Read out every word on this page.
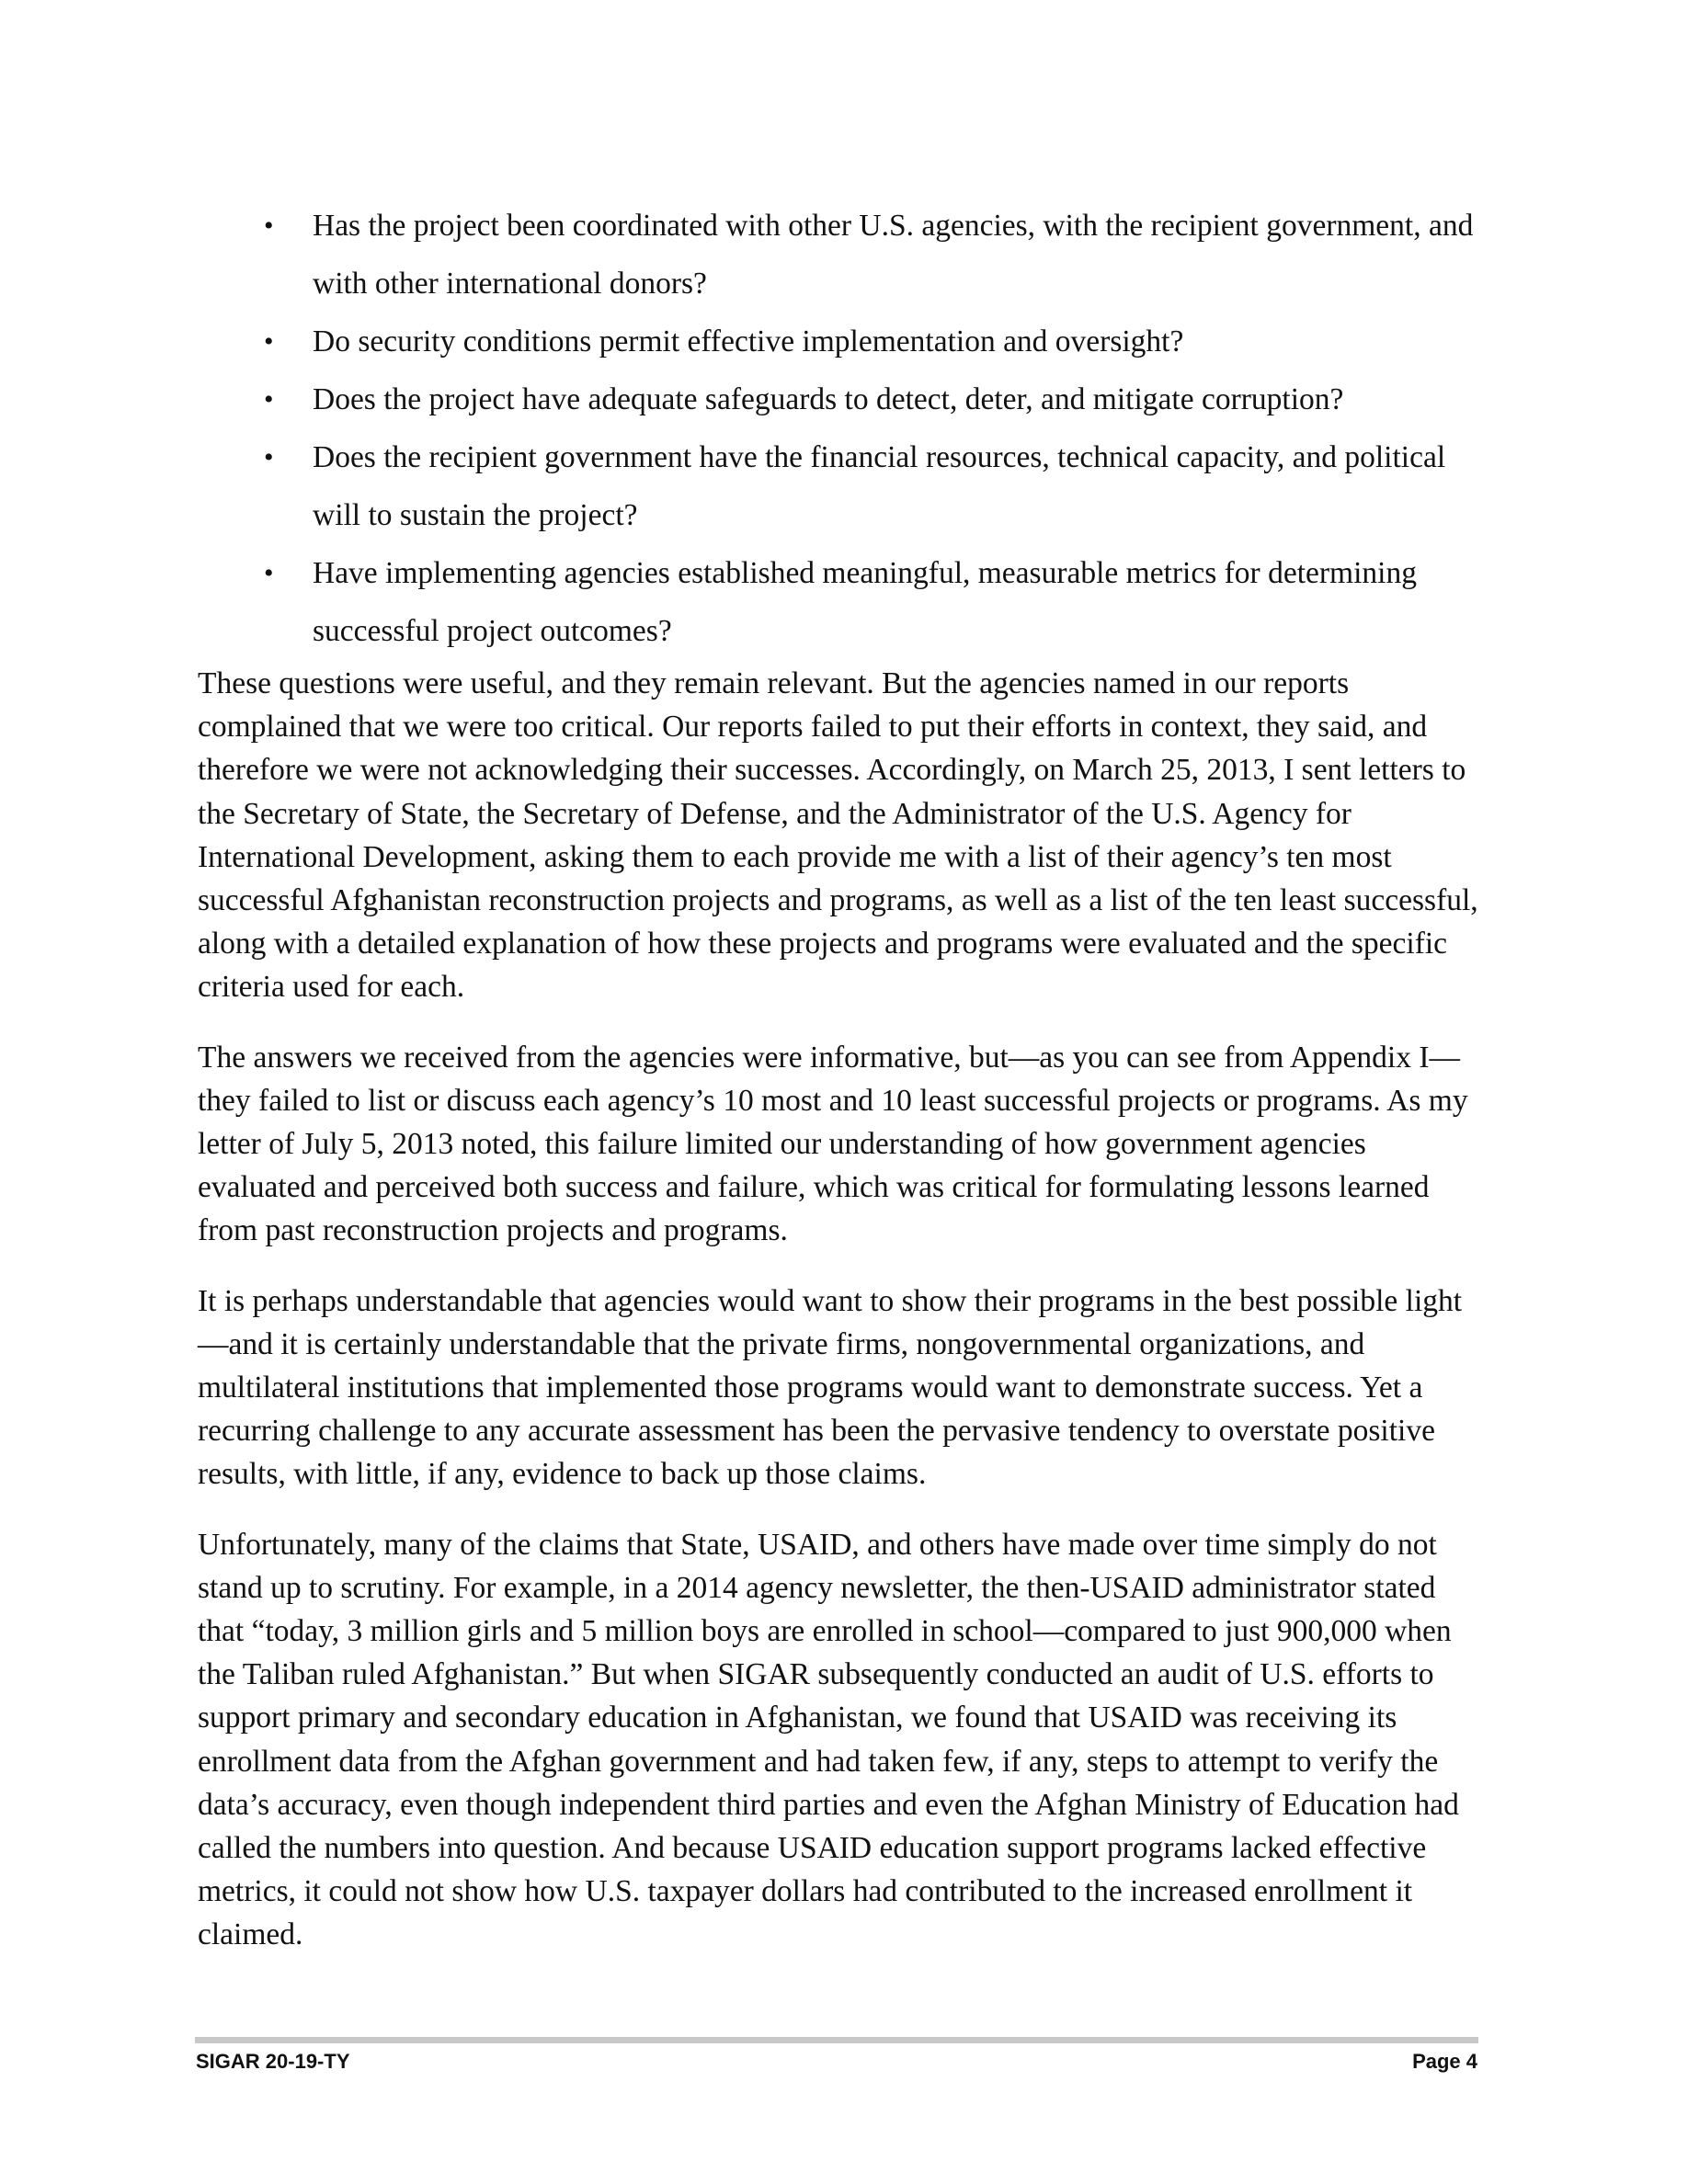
• Has the project been coordinated with other U.S. agencies, with the recipient government, and with other international donors?
• Do security conditions permit effective implementation and oversight?
• Does the project have adequate safeguards to detect, deter, and mitigate corruption?
• Does the recipient government have the financial resources, technical capacity, and political will to sustain the project?
• Have implementing agencies established meaningful, measurable metrics for determining successful project outcomes?

These questions were useful, and they remain relevant. But the agencies named in our reports complained that we were too critical. Our reports failed to put their efforts in context, they said, and therefore we were not acknowledging their successes. Accordingly, on March 25, 2013, I sent letters to the Secretary of State, the Secretary of Defense, and the Administrator of the U.S. Agency for International Development, asking them to each provide me with a list of their agency’s ten most successful Afghanistan reconstruction projects and programs, as well as a list of the ten least successful, along with a detailed explanation of how these projects and programs were evaluated and the specific criteria used for each.

The answers we received from the agencies were informative, but—as you can see from Appendix I—they failed to list or discuss each agency’s 10 most and 10 least successful projects or programs. As my letter of July 5, 2013 noted, this failure limited our understanding of how government agencies evaluated and perceived both success and failure, which was critical for formulating lessons learned from past reconstruction projects and programs.

It is perhaps understandable that agencies would want to show their programs in the best possible light—and it is certainly understandable that the private firms, nongovernmental organizations, and multilateral institutions that implemented those programs would want to demonstrate success. Yet a recurring challenge to any accurate assessment has been the pervasive tendency to overstate positive results, with little, if any, evidence to back up those claims.

Unfortunately, many of the claims that State, USAID, and others have made over time simply do not stand up to scrutiny. For example, in a 2014 agency newsletter, the then-USAID administrator stated that “today, 3 million girls and 5 million boys are enrolled in school—compared to just 900,000 when the Taliban ruled Afghanistan.” But when SIGAR subsequently conducted an audit of U.S. efforts to support primary and secondary education in Afghanistan, we found that USAID was receiving its enrollment data from the Afghan government and had taken few, if any, steps to attempt to verify the data’s accuracy, even though independent third parties and even the Afghan Ministry of Education had called the numbers into question. And because USAID education support programs lacked effective metrics, it could not show how U.S. taxpayer dollars had contributed to the increased enrollment it claimed.

SIGAR 20-19-TY	Page 4
